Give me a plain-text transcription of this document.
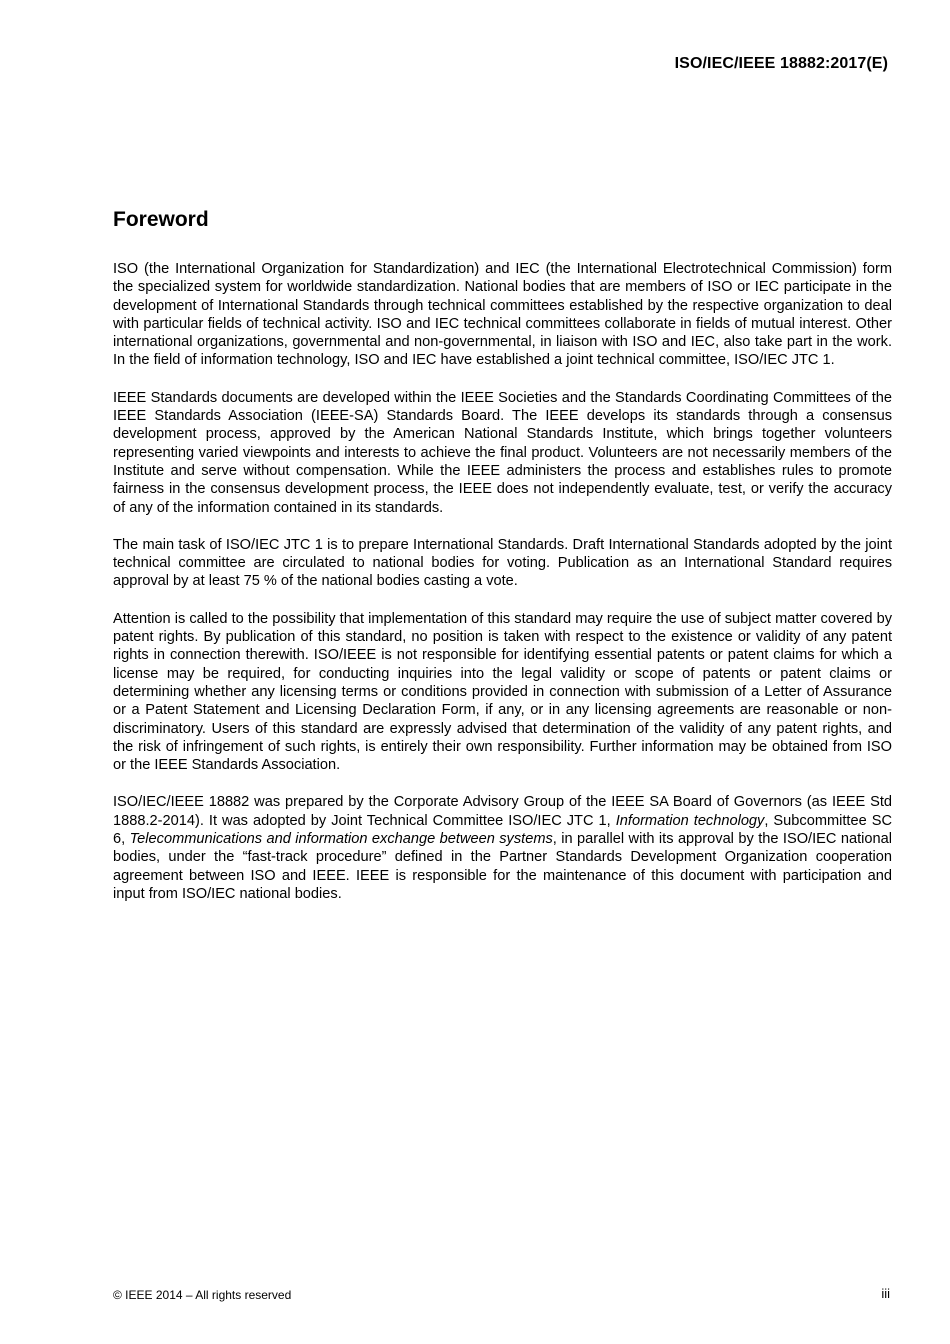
ISO/IEC/IEEE 18882:2017(E)
Foreword

ISO (the International Organization for Standardization) and IEC (the International Electrotechnical Commission) form the specialized system for worldwide standardization. National bodies that are members of ISO or IEC participate in the development of International Standards through technical committees established by the respective organization to deal with particular fields of technical activity. ISO and IEC technical committees collaborate in fields of mutual interest. Other international organizations, governmental and non-governmental, in liaison with ISO and IEC, also take part in the work. In the field of information technology, ISO and IEC have established a joint technical committee, ISO/IEC JTC 1.

IEEE Standards documents are developed within the IEEE Societies and the Standards Coordinating Committees of the IEEE Standards Association (IEEE-SA) Standards Board. The IEEE develops its standards through a consensus development process, approved by the American National Standards Institute, which brings together volunteers representing varied viewpoints and interests to achieve the final product. Volunteers are not necessarily members of the Institute and serve without compensation. While the IEEE administers the process and establishes rules to promote fairness in the consensus development process, the IEEE does not independently evaluate, test, or verify the accuracy of any of the information contained in its standards.

The main task of ISO/IEC JTC 1 is to prepare International Standards. Draft International Standards adopted by the joint technical committee are circulated to national bodies for voting. Publication as an International Standard requires approval by at least 75 % of the national bodies casting a vote.

Attention is called to the possibility that implementation of this standard may require the use of subject matter covered by patent rights. By publication of this standard, no position is taken with respect to the existence or validity of any patent rights in connection therewith. ISO/IEEE is not responsible for identifying essential patents or patent claims for which a license may be required, for conducting inquiries into the legal validity or scope of patents or patent claims or determining whether any licensing terms or conditions provided in connection with submission of a Letter of Assurance or a Patent Statement and Licensing Declaration Form, if any, or in any licensing agreements are reasonable or non-discriminatory. Users of this standard are expressly advised that determination of the validity of any patent rights, and the risk of infringement of such rights, is entirely their own responsibility. Further information may be obtained from ISO or the IEEE Standards Association.

ISO/IEC/IEEE 18882 was prepared by the Corporate Advisory Group of the IEEE SA Board of Governors (as IEEE Std 1888.2-2014). It was adopted by Joint Technical Committee ISO/IEC JTC 1, Information technology, Subcommittee SC 6, Telecommunications and information exchange between systems, in parallel with its approval by the ISO/IEC national bodies, under the “fast-track procedure” defined in the Partner Standards Development Organization cooperation agreement between ISO and IEEE. IEEE is responsible for the maintenance of this document with participation and input from ISO/IEC national bodies.

© IEEE 2014 – All rights reserved	iii
